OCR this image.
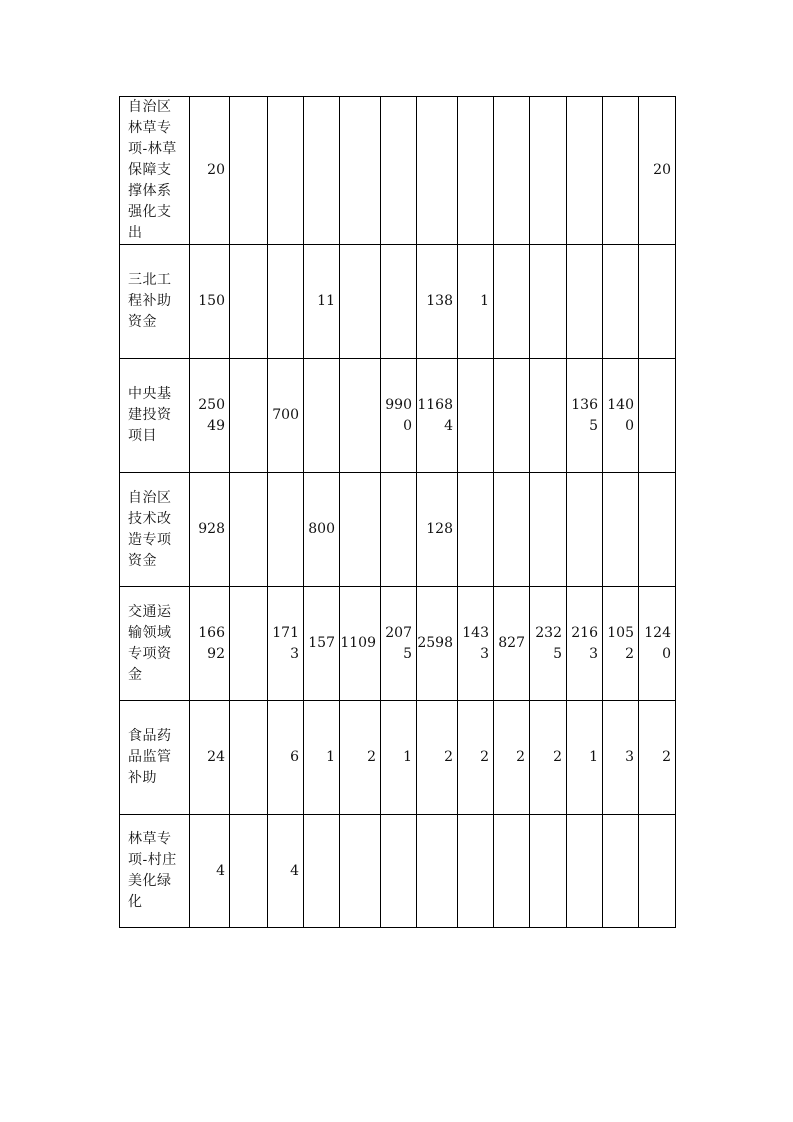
自治区林草专项-林草保障支撑体系强化支出	20												20

三北工程补助资金	150			11			138	1					

中央基建投资项目	25049		700			9900	11684				1365	1400	

自治区技术改造专项资金	928			800			128						

交通运输领域专项资金	16692		1713	157	1109	2075	2598	1433	827	2325	2163	1052	1240

食品药品监管补助	24		6	1	2	1	2	2	2	2	1	3	2

林草专项-村庄美化绿化	4		4										
